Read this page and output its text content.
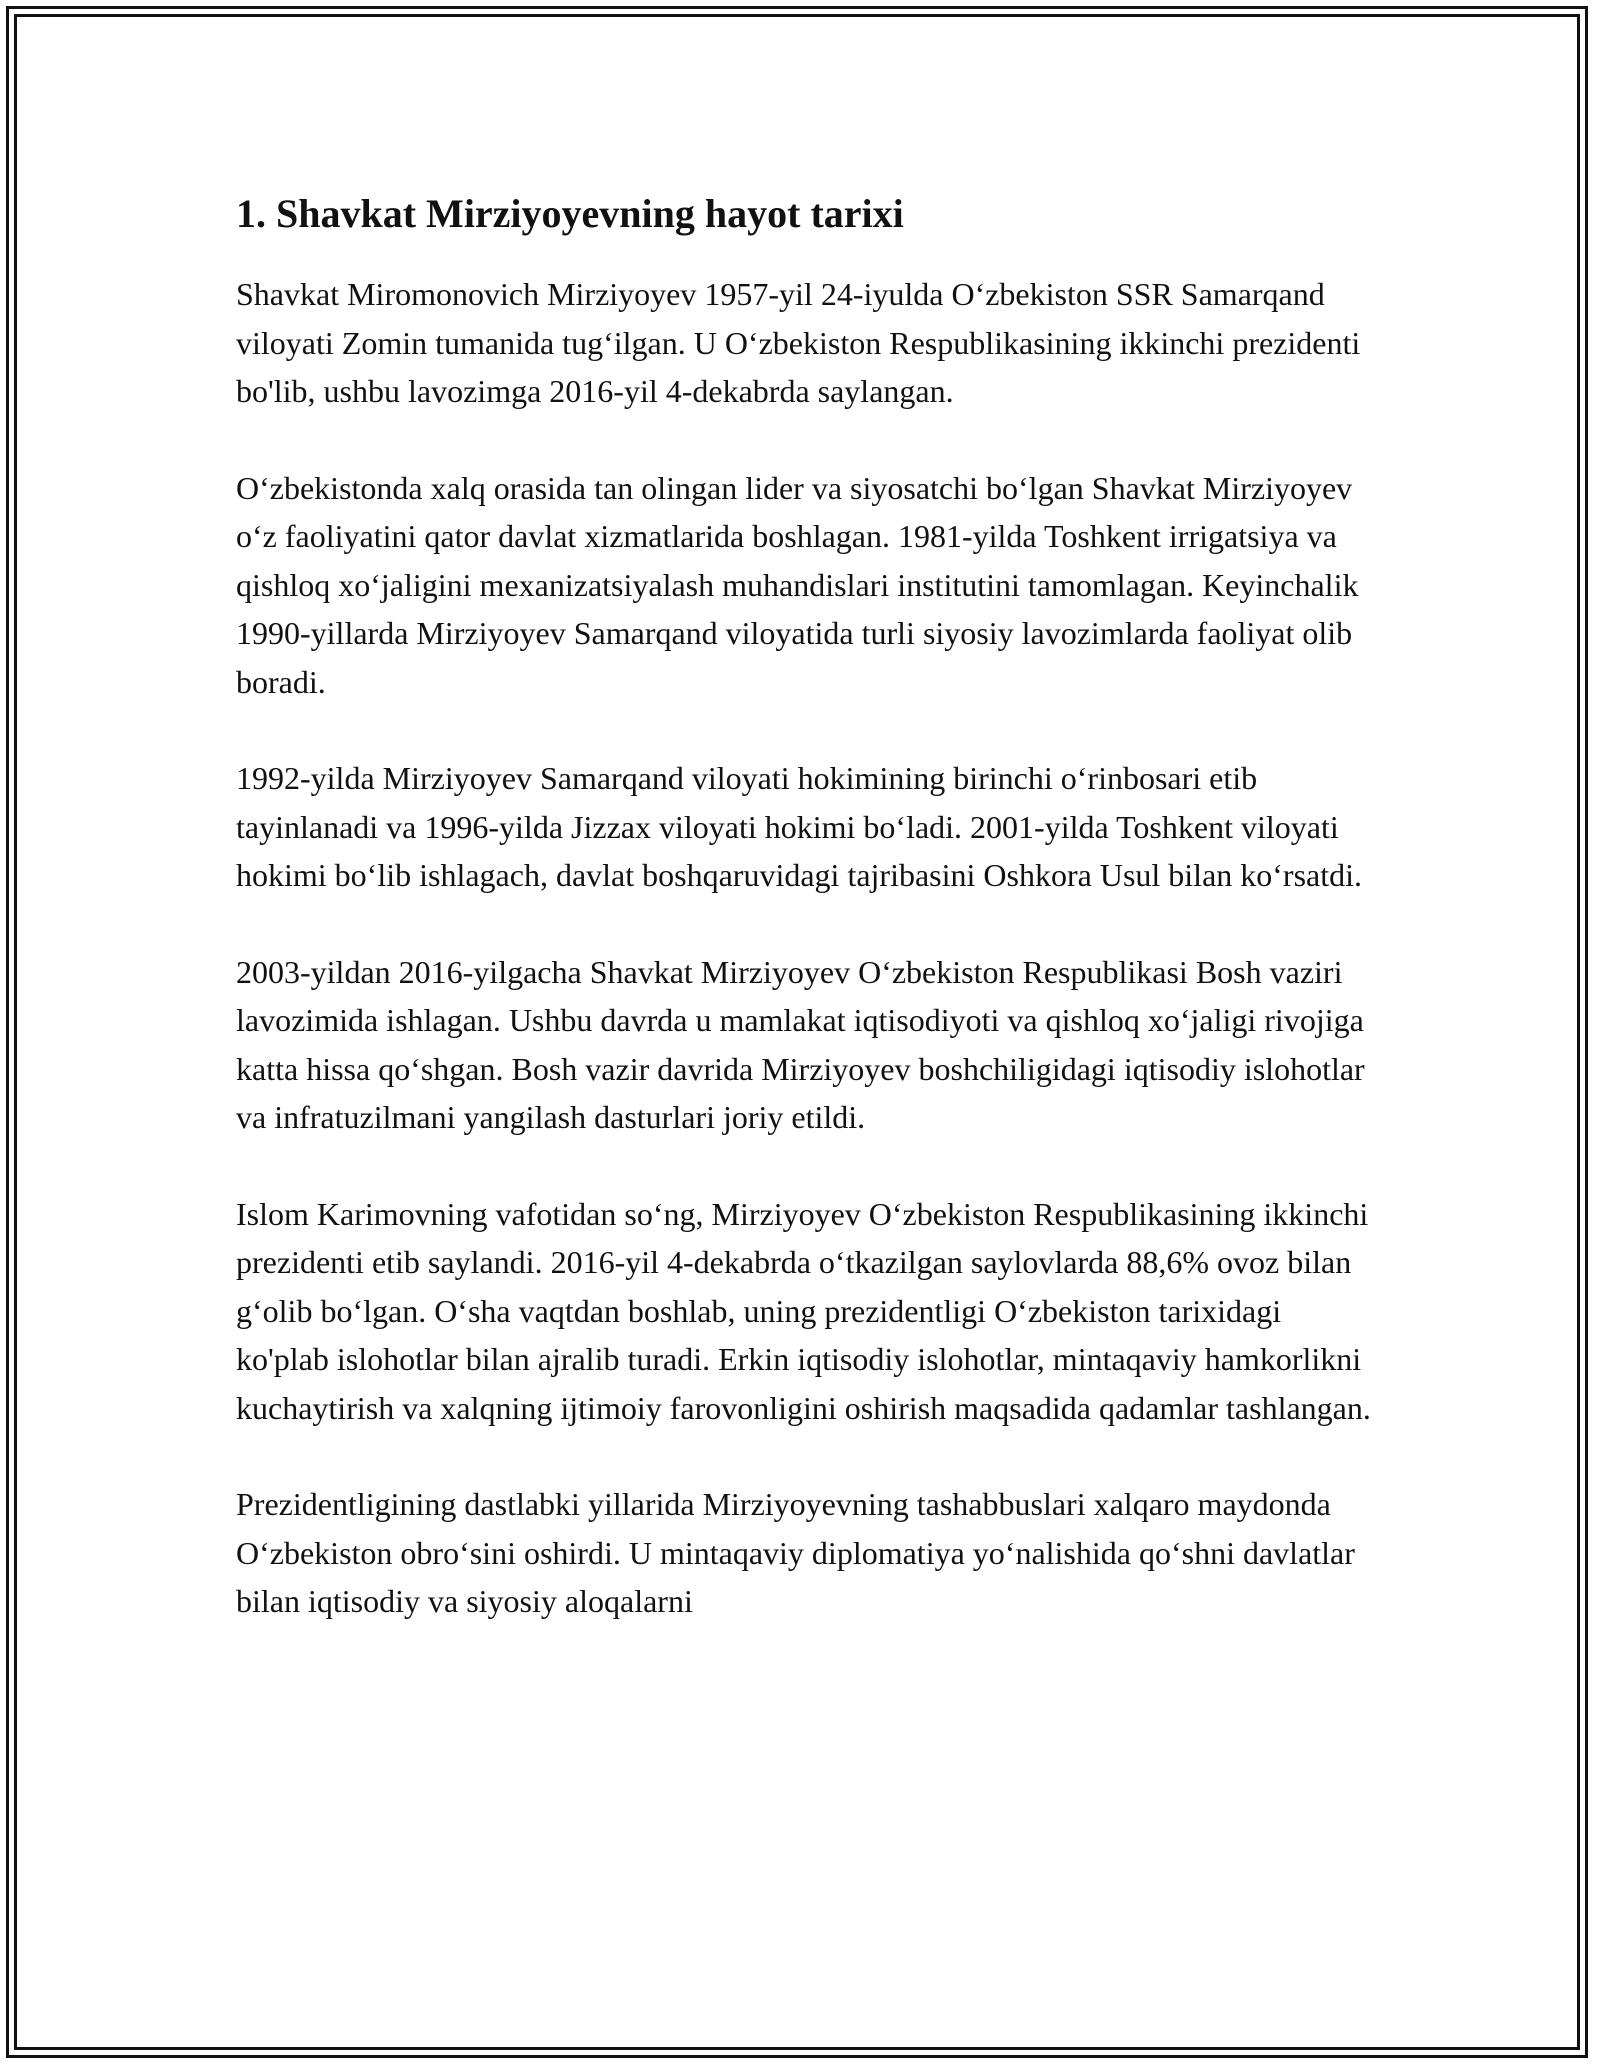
1. Shavkat Mirziyoyevning hayot tarixi

Shavkat Miromonovich Mirziyoyev 1957-yil 24-iyulda Oʻzbekiston SSR Samarqand viloyati Zomin tumanida tugʻilgan. U Oʻzbekiston Respublikasining ikkinchi prezidenti bo'lib, ushbu lavozimga 2016-yil 4-dekabrda saylangan.

Oʻzbekistonda xalq orasida tan olingan lider va siyosatchi boʻlgan Shavkat Mirziyoyev oʻz faoliyatini qator davlat xizmatlarida boshlagan. 1981-yilda Toshkent irrigatsiya va qishloq xoʻjaligini mexanizatsiyalash muhandislari institutini tamomlagan. Keyinchalik 1990-yillarda Mirziyoyev Samarqand viloyatida turli siyosiy lavozimlarda faoliyat olib boradi.

1992-yilda Mirziyoyev Samarqand viloyati hokimining birinchi oʻrinbosari etib tayinlanadi va 1996-yilda Jizzax viloyati hokimi boʻladi. 2001-yilda Toshkent viloyati hokimi boʻlib ishlagach, davlat boshqaruvidagi tajribasini Oshkora Usul bilan koʻrsatdi.

2003-yildan 2016-yilgacha Shavkat Mirziyoyev Oʻzbekiston Respublikasi Bosh vaziri lavozimida ishlagan. Ushbu davrda u mamlakat iqtisodiyoti va qishloq xoʻjaligi rivojiga katta hissa qoʻshgan. Bosh vazir davrida Mirziyoyev boshchiligidagi iqtisodiy islohotlar va infratuzilmani yangilash dasturlari joriy etildi.

Islom Karimovning vafotidan soʻng, Mirziyoyev Oʻzbekiston Respublikasining ikkinchi prezidenti etib saylandi. 2016-yil 4-dekabrda oʻtkazilgan saylovlarda 88,6% ovoz bilan gʻolib boʻlgan. Oʻsha vaqtdan boshlab, uning prezidentligi Oʻzbekiston tarixidagi ko'plab islohotlar bilan ajralib turadi. Erkin iqtisodiy islohotlar, mintaqaviy hamkorlikni kuchaytirish va xalqning ijtimoiy farovonligini oshirish maqsadida qadamlar tashlangan.

Prezidentligining dastlabki yillarida Mirziyoyevning tashabbuslari xalqaro maydonda Oʻzbekiston obroʻsini oshirdi. U mintaqaviy diplomatiya yoʻnalishida qoʻshni davlatlar bilan iqtisodiy va siyosiy aloqalarni
